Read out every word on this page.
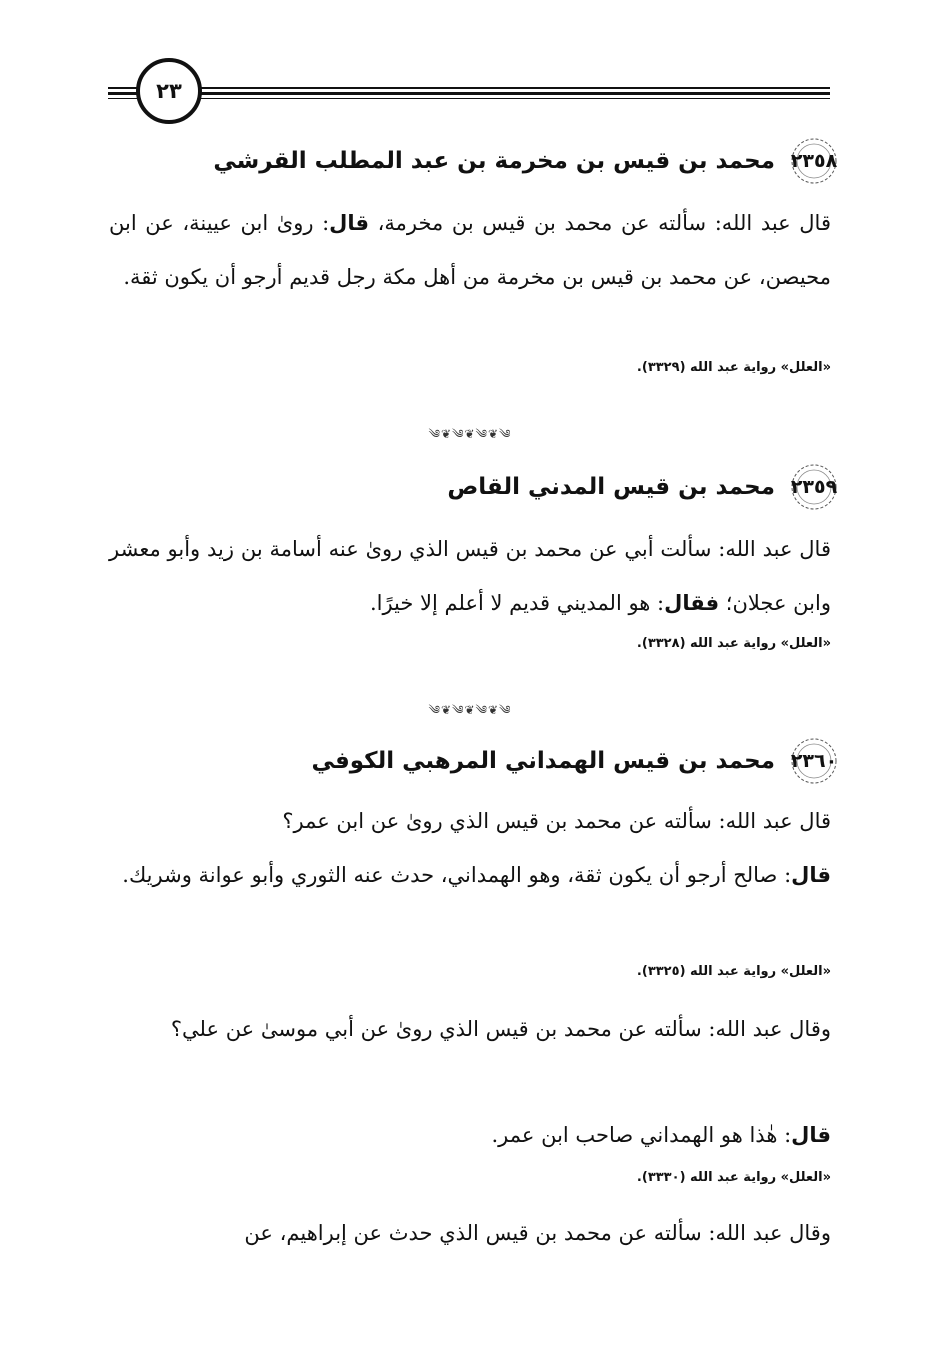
٢٣
٢٣٥٨
محمد بن قيس بن مخرمة بن عبد المطلب القرشي
قال عبد الله: سألته عن محمد بن قيس بن مخرمة، قال: رویٰ ابن عيينة، عن ابن محيصن، عن محمد بن قيس بن مخرمة من أهل مكة رجل قديم أرجو أن يكون ثقة.
«العلل» رواية عبد الله (٣٣٢٩).
༄❦༄❦༄❦༄
٢٣٥٩
محمد بن قيس المدني القاص
قال عبد الله: سألت أبي عن محمد بن قيس الذي رویٰ عنه أسامة بن زيد وأبو معشر وابن عجلان؛ فقال: هو المديني قديم لا أعلم إلا خيرًا.
«العلل» رواية عبد الله (٣٣٢٨).
༄❦༄❦༄❦༄
٢٣٦٠
محمد بن قيس الهمداني المرهبي الكوفي
قال عبد الله: سألته عن محمد بن قيس الذي رویٰ عن ابن عمر؟
قال: صالح أرجو أن يكون ثقة، وهو الهمداني، حدث عنه الثوري وأبو عوانة وشريك.
«العلل» رواية عبد الله (٣٣٢٥).
وقال عبد الله: سألته عن محمد بن قيس الذي رویٰ عن أبي موسیٰ عن علي؟
قال: هٰذا هو الهمداني صاحب ابن عمر.
«العلل» رواية عبد الله (٣٣٣٠).
وقال عبد الله: سألته عن محمد بن قيس الذي حدث عن إبراهيم، عن
